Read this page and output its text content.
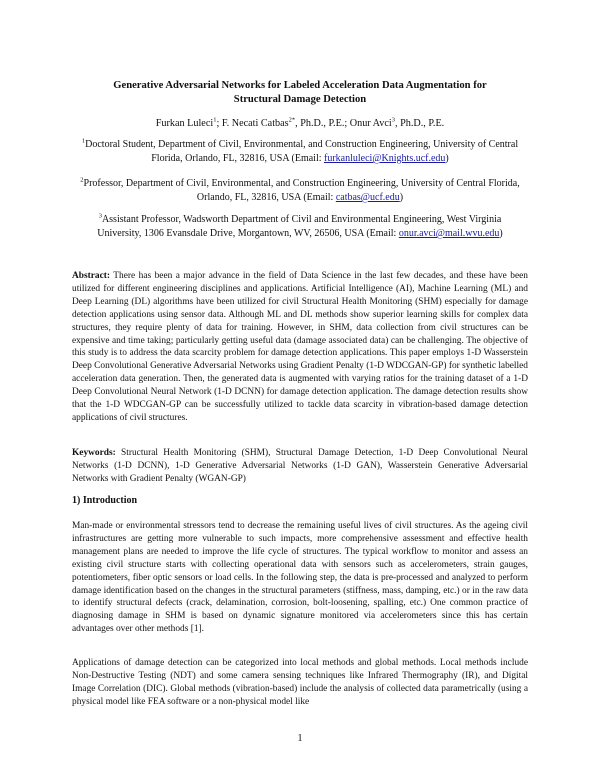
Generative Adversarial Networks for Labeled Acceleration Data Augmentation for
Structural Damage Detection
Furkan Luleci$^1$; F. Necati Catbas$^{2*}$, Ph.D., P.E.; Onur Avci$^3$, Ph.D., P.E.
$^1$Doctoral Student, Department of Civil, Environmental, and Construction Engineering, University of Central Florida, Orlando, FL, 32816, USA (Email: furkanluleci@Knights.ucf.edu)
$^2$Professor, Department of Civil, Environmental, and Construction Engineering, University of Central Florida, Orlando, FL, 32816, USA (Email: catbas@ucf.edu)
$^3$Assistant Professor, Wadsworth Department of Civil and Environmental Engineering, West Virginia University, 1306 Evansdale Drive, Morgantown, WV, 26506, USA (Email: onur.avci@mail.wvu.edu)
Abstract: There has been a major advance in the field of Data Science in the last few decades, and these have been utilized for different engineering disciplines and applications. Artificial Intelligence (AI), Machine Learning (ML) and Deep Learning (DL) algorithms have been utilized for civil Structural Health Monitoring (SHM) especially for damage detection applications using sensor data. Although ML and DL methods show superior learning skills for complex data structures, they require plenty of data for training. However, in SHM, data collection from civil structures can be expensive and time taking; particularly getting useful data (damage associated data) can be challenging. The objective of this study is to address the data scarcity problem for damage detection applications. This paper employs 1-D Wasserstein Deep Convolutional Generative Adversarial Networks using Gradient Penalty (1-D WDCGAN-GP) for synthetic labelled acceleration data generation. Then, the generated data is augmented with varying ratios for the training dataset of a 1-D Deep Convolutional Neural Network (1-D DCNN) for damage detection application. The damage detection results show that the 1-D WDCGAN-GP can be successfully utilized to tackle data scarcity in vibration-based damage detection applications of civil structures.
Keywords: Structural Health Monitoring (SHM), Structural Damage Detection, 1-D Deep Convolutional Neural Networks (1-D DCNN), 1-D Generative Adversarial Networks (1-D GAN), Wasserstein Generative Adversarial Networks with Gradient Penalty (WGAN-GP)
1) Introduction
Man-made or environmental stressors tend to decrease the remaining useful lives of civil structures. As the ageing civil infrastructures are getting more vulnerable to such impacts, more comprehensive assessment and effective health management plans are needed to improve the life cycle of structures. The typical workflow to monitor and assess an existing civil structure starts with collecting operational data with sensors such as accelerometers, strain gauges, potentiometers, fiber optic sensors or load cells. In the following step, the data is pre-processed and analyzed to perform damage identification based on the changes in the structural parameters (stiffness, mass, damping, etc.) or in the raw data to identify structural defects (crack, delamination, corrosion, bolt-loosening, spalling, etc.) One common practice of diagnosing damage in SHM is based on dynamic signature monitored via accelerometers since this has certain advantages over other methods [1].
Applications of damage detection can be categorized into local methods and global methods. Local methods include Non-Destructive Testing (NDT) and some camera sensing techniques like Infrared Thermography (IR), and Digital Image Correlation (DIC). Global methods (vibration-based) include the analysis of collected data parametrically (using a physical model like FEA software or a non-physical model like
1
